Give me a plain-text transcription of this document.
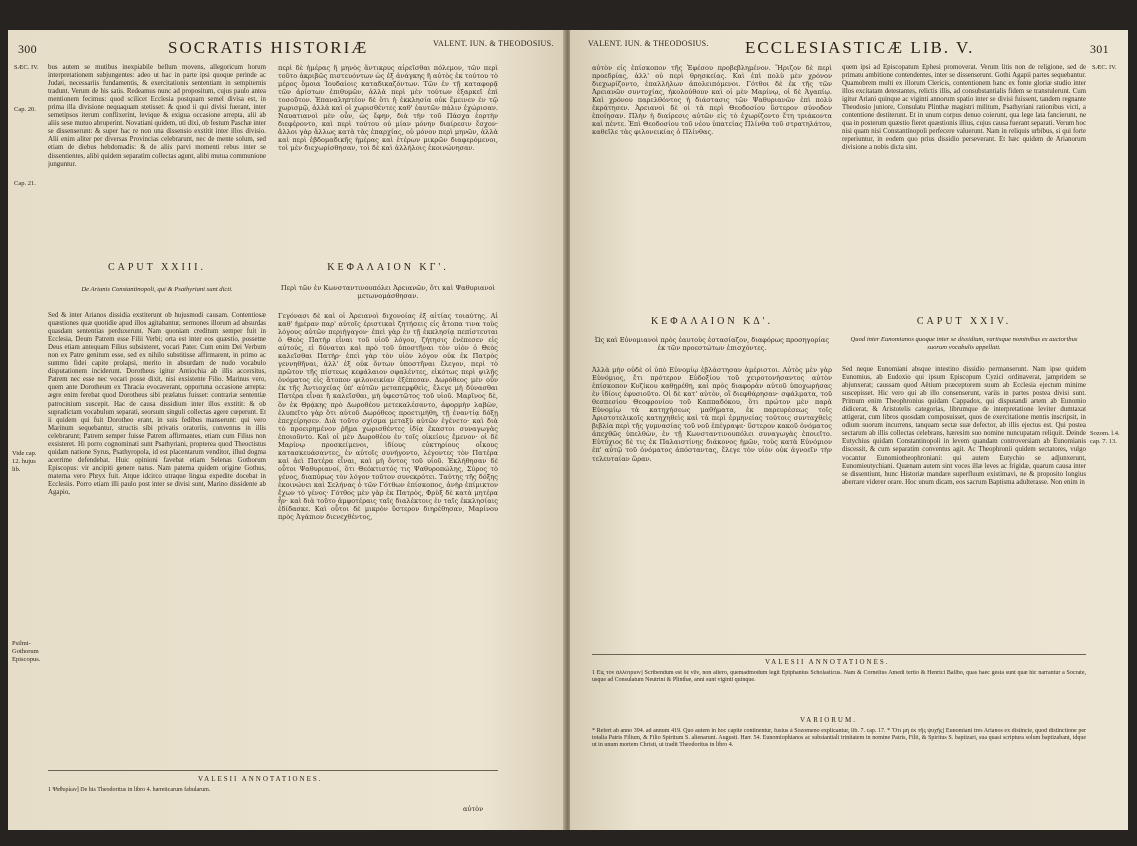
300	SOCRATIS HISTORIÆ	VALENT. IUN. & THEODOSIUS.
SÆC. IV.
Cap. 20.
Cap. 21.
Vide cap. 12. hujus lib.
Psilmi-Gothorum Episcopus.
bus autem se mutibus inexpiabile bellum movens, allegoricum horum interpretationem subjungentes: adeo ut hac in parte ipsi quoque perinde ac Judæi, necessariis fundamentis, & exercitationis sententiam in sempiternis tradunt. Verum de his satis. Redeamus nunc ad propositum, cujus paulo antea mentionem fecimus: quod scilicet Ecclesia postquam semel divisa est, in prima illa divisione nequaquam stetisset: & quod ii qui divisi fuerant, inter semetipsos iterum conflixerint, levique & exigua occasione arrepta, alii ab aliis sese mutuo abruperint. Novatiani quidem, uti dixi, ob festum Paschæ inter se dissenserunt: & super hac re non una dissensio exstitit inter illos divisio. Alii enim aliter per diversas Provincias celebrarunt, nec de mente solum, sed etiam de diebus hebdomadis: & de aliis parvi momenti rebus inter se dissentientes, alibi quidem separatim collectas agunt, alibi mutua communione junguntur.
περὶ δὲ ἡμέρας ἢ μηνὸς ἄντικρυς αἰρεῖσθαι πόλεμον, τῶν περὶ τοῦτο ἀκριβῶς πιστευόντων ὡς ἐξ ἀνάγκης ἢ αὐτὸς ἐκ τούτου τὸ μέρος ὅμοια Ἰουδαίοις καταδικαζόντων. Τῶν ἐν τῇ καταφορᾷ τῶν ἀρίστων ἐπιθυμῶν, ἀλλὰ περὶ μὲν τούτων ἐξαρκεῖ ἐπὶ τοσοῦτον. Ἐπαναληπτέον δὲ ὅτι ἡ ἐκκλησία οὐκ ἔμεινεν ἐν τῷ χωρισμῷ, ἀλλὰ καὶ οἱ χωρισθέντες καθ' ἑαυτῶν πάλιν ἐχώρισαν. Ναυατιανοὶ μὲν οὖν, ὡς ἔφην, διὰ τὴν τοῦ Πάσχα ἑορτὴν διεφέροντο, καὶ περὶ τούτου οὐ μίαν μόνην διαίρεσιν ἔσχον· ἄλλοι γὰρ ἄλλως κατὰ τὰς ἐπαρχίας, οὐ μόνον περὶ μηνῶν, ἀλλὰ καὶ περὶ ἑβδομαδικῆς ἡμέρας καὶ ἑτέρων μικρῶν διαφερόμενοι, τοὶ μὲν διεχωρίσθησαν, τοὶ δὲ καὶ ἀλλήλοις ἐκοινώνησαν.
CAPUT XXIII.	ΚΕΦΑΛΑΙΟΝ ΚΓ'.
De Arianis Constantinopoli, qui & Psathyriani sunt dicti.	Περὶ τῶν ἐν Κωνσταντινουπόλει Ἀρειανῶν, ὅτι καὶ Ψαθυριανοὶ μετωνομάσθησαν.
Sed & inter Arianos dissidia exstiterunt ob hujusmodi causam. Contentiosæ quæstiones quæ quotidie apud illos agitabantur, sermones illorum ad absurdas quasdam sententias perduxerunt. Nam quoniam creditum semper fuit in Ecclesia, Deum Patrem esse Filii Verbi; orta est inter eos quæstio, possetne Deus etiam antequam Filius subsisteret, vocari Pater. Cum enim Dei Verbum non ex Patre genitum esse, sed ex nihilo substitisse affirmarent, in primo ac summo fidei capite prolapsi, merito in absurdam de nudo vocabulo disputationem inciderunt. Dorotheus igitur Antiochia ab illis accersitus, Patrem nec esse nec vocari posse dixit, nisi exsistente Filio. Marinus vero, quem ante Dorotheum ex Thracia evocaverant, opportuna occasione arrepta: ægre enim ferebat quod Dorotheus sibi prælatus fuisset: contrariæ sententiæ patrocinium suscepit. Hac de causa dissidium inter illos exstitit: & ob supradictam vocabulum separati, seorsum singuli collectas agere cœperunt. Et ii quidem qui fuit Dorotheo erant, in suis fedibus manserunt: qui vero Marinum sequebantur, structis sibi privatis oratoriis, conventus in illis celebrarunt; Patrem semper fuisse Patrem affirmantes, etiam cum Filius non exsisteret. Hi porro cognominati sunt Psathyriani, propterea quod Theoctistus quidam natione Syrus, Psathyropola, id est placentarum venditor, illud dogma acerrime defendebat. Huic opinioni favebat etiam Selenas Gothorum Episcopus: vir ancipiti genere natus. Nam paterna quidem origine Gothus, materna vero Phryx fuit. Atque idcirco utraque lingua expedite docebat in Ecclesiis. Porro etiam illi paulo post inter se divisi sunt, Marino dissidente ab Agapio,
Γεγόνασι δὲ καὶ οἱ Ἀρειανοὶ διχονοίας ἐξ αἰτίας τοιαύτης. Αἱ καθ' ἡμέραν παρ' αὐτοῖς ἐριστικαὶ ζητήσεις εἰς ἄτοπα τινα τοὺς λόγους αὐτῶν περιήγαγον· ἐπεὶ γὰρ ἐν τῇ ἐκκλησίᾳ πεπίστευται ὁ Θεὸς Πατὴρ εἶναι τοῦ υἱοῦ λόγου, ζήτησις ἐνέπεσεν εἰς αὐτούς, εἰ δύναται καὶ πρὸ τοῦ ὑποστῆναι τὸν υἱὸν ὁ Θεὸς καλεῖσθαι Πατήρ· ἐπεὶ γὰρ τὸν υἱὸν λόγον οὐκ ἐκ Πατρὸς γεννηθῆναι, ἀλλ' ἐξ οὐκ ὄντων ὑποστῆναι ἔλεγον, περὶ τὸ πρῶτον τῆς πίστεως κεφάλαιον σφαλέντες, εἰκότως περὶ ψιλῆς ὀνόματος εἰς ἄτοπον φιλονεικίαν ἐξέπεσαν. Δωρόθεος μὲν οὖν ἐκ τῆς Ἀντιοχείας ὑπ' αὐτῶν μεταπεμφθεὶς, ἔλεγε μὴ δύνασθαι Πατέρα εἶναι ἢ καλεῖσθαι, μὴ ὑφεστῶτος τοῦ υἱοῦ. Μαρῖνος δὲ, ὃν ἐκ Θρᾴκης πρὸ Δωροθέου μετεκαλέσαντο, ἀφορμὴν λαβὼν, ἐλυπεῖτο γὰρ ὅτι αὐτοῦ Δωρόθεος προετιμήθη, τῇ ἐναντίᾳ δόξῃ ἐπεχείρησεν. Διὰ τοῦτο σχίσμα μεταξὺ αὐτῶν ἐγένετο· καὶ διὰ τὸ προειρημένον ῥῆμα χωρισθέντες ἰδίᾳ ἕκαστοι συναγωγὰς ἐποιοῦντο. Καὶ οἱ μὲν Δωροθέου ἐν τοῖς οἰκείοις ἔμενον· οἱ δὲ Μαρίνῳ προσκείμενοι, ἰδίους εὐκτηρίους οἴκους κατασκευάσαντες, ἐν αὐτοῖς συνήγοντο, λέγοντες τὸν Πατέρα καὶ ἀεὶ Πατέρα εἶναι, καὶ μὴ ὄντος τοῦ υἱοῦ. Ἐκλήθησαν δὲ οὗτοι Ψαθυριανοί, ὅτι Θεόκτιστός τις Ψαθυροπώλης, Σύρος τὸ γένος, διαπύρως τὸν λόγον τοῦτον συνεκρότει. Ταύτης τῆς δόξης ἐκοινώνει καὶ Σελήνας ὁ τῶν Γότθων ἐπίσκοπος, ἀνὴρ ἐπίμικτον ἔχων τὸ γένος· Γότθος μὲν γὰρ ἐκ Πατρὸς, Φρὺξ δὲ κατὰ μητέρα ἦν· καὶ διὰ τοῦτο ἀμφοτέραις ταῖς διαλέκτοις ἐν ταῖς ἐκκλησίαις ἐδίδασκε. Καὶ οὗτοι δὲ μικρὸν ὕστερον διηρέθησαν, Μαρίνου πρὸς Ἀγάπιον διενεχθέντος,
VALESII ANNOTATIONES.
1 Ψαθυρίων] De his Theodoritus in libro 4. hæreticarum fabularum.
αὐτὸν
VALENT. IUN. & THEODOSIUS.	ECCLESIASTICÆ LIB. V.	301
SÆC. IV.
Sozom. l.4. cap. 7. 13.
αὐτὸν εἰς ἐπίσκοπον τῆς Ἐφέσου προβεβλημένον. Ἤριζον δὲ περὶ προεδρίας, ἀλλ' οὐ περὶ θρησκείας. Καὶ ἐπὶ πολὺ μὲν χρόνον διεχωρίζοντο, ἐπαλλήλων ἀπολειπόμενοι. Γότθοι δὲ ἐκ τῆς τῶν Ἀρειανῶν συντυχίας, ἠκολούθουν καὶ οἱ μὲν Μαρίνῳ, οἱ δὲ Ἀγαπίῳ. Καὶ χρόνου παρελθόντος ἡ διάστασις τῶν Ψαθυριανῶν ἐπὶ πολὺ ἐκράτησεν. Ἀρειανοὶ δὲ οἱ τὰ περὶ Θεοδοσίου ὕστερον σύνοδον ἐποίησαν. Πλὴν ἡ διαίρεσις αὐτῶν εἰς τὸ ἐχωρίζοντο ἔτη τριάκοντα καὶ πέντε. Ἐπὶ Θεοδοσίου τοῦ νέου ὑπατείας Πλίνθα τοῦ στρατηλάτου, καθεῖλε τὰς φιλονεικίας ὁ Πλίνθας.
quem ipsi ad Episcopatum Ephesi promoverat. Verum litis non de religione, sed de primatu ambitione contendentes, inter se dissenserunt. Gothi Agapii partes sequebantur. Quamobrem multi ex illorum Clericis, contentionem hanc ex fonte gloriæ studio inter illos excitatam detestantes, relictis illis, ad consubstantialis fidem se transtulerunt. Cum igitur Ariani quinque ac viginti annorum spatio inter se divisi fuissent, tandem regnante Theodosio juniore, Consulatu Plinthæ magistri militum, Psathyriani rationibus victi, a contentione destiterunt. Et in unum corpus denuo coierunt, qua lege lata fancierunt, ne qua in posterum quæstio fieret quæstionis illius, cujus causa fuerant separati. Verum hoc nisi quam nisi Constantinopoli perfecere valuerunt. Nam in reliquis urbibus, si qui forte reperiuntur, in eodem quo prius dissidio perseverant. Et hæc quidem de Arianorum divisione a nobis dicta sint.
ΚΕΦΑΛΑΙΟΝ ΚΔ'.	CAPUT XXIV.
Ὡς καὶ Εὐνομιανοὶ πρὸς ἑαυτοὺς ἐστασίαζον, διαφόρως προσηγορίας ἐκ τῶν προεστώτων ἐπισχόντες.
Quod inter Eunomianos quoque inter se dissidium, variisque nominibus ex auctoribus suorum vocabulis appellati.
Ἀλλὰ μὴν οὐδὲ οἱ ὑπὸ Εὐνομίῳ ἐβλάστησαν ἀμέριστοι. Αὐτὸς μὲν γὰρ Εὐνόμιος, ἔτι πρότερον Εὐδοξίου τοῦ χειροτονήσαντος αὐτὸν ἐπίσκοπον Κυζίκου καθῃρέθη, καὶ πρὸς διαφορὰν αὐτοῦ ὑποχωρήσας ἐν ἰδίοις ἐφυσιοῦτο. Οἱ δὲ κατ' αὐτὸν, οἳ διεφθάρησαν· σφάλματα, τοῦ θεσπεσίου Θεοφρονίου τοῦ Καππαδόκου, ὅτι πρώτον μὲν παρὰ Εὐνομίῳ τὰ κατηχήσεως μαθήματα, ἐκ παρευρέσεως τοῖς Ἀριστοτελικοῖς κατηχηθεὶς καὶ τὰ περὶ ἑρμηνείας τούτοις συνταχθεὶς βιβλία περὶ τῆς γυμνασίας τοῦ νοῦ ἐπέγραψε· ὕστερον κακοῦ ὀνόματος ἀπεχθῶς ὑπελθὼν, ἐν τῇ Κωνσταντινουπόλει συναγωγὰς ἐποιεῖτο. Εὐτύχιος δὲ τις ἐκ Παλαιστίνης διάκονος ἡμῶν, τοὺς κατὰ Εὐνόμιον ἐπ' αὐτῷ τοῦ ὀνόματος ἀπόσταντας, ἔλεγε τὸν υἱὸν οὐκ ἀγνοεῖν τὴν τελευταίαν ὥραν.
Sed neque Eunomiani absque intestino dissidio permanserunt. Nam ipse quidem Eunomius, ab Eudoxio qui ipsum Episcopum Cyzici ordinaverat, jampridem se abjunxerat; caussam quod Aëtium præceptorem suum ab Ecclesia ejectum minime suscepisset. Hic vero qui ab illo consenserunt, variis in partes postea divisi sunt. Primum enim Theophronius quidam Cappadox, qui disputandi artem ab Eunomio didicerat, & Aristotelis categorias, librumque de interpretatione leviter dumtaxat attigerat, cum libros quosdam composuisset, quos de exercitatione mentis inscripsit, in odium suorum incurrens, tanquam sectæ suæ defector, ab illis ejectus est. Qui postea sectarum ab illis collectas celebrans, hæresim suo nomine nuncupatam reliquit. Deinde Eutychius quidam Constantinopoli in levem quandam controversiam ab Eunomianis discessit, & cum separatim conventus agit. Ac Theophronii quidem sectatores, vulgo vocantur Eunomiotheophroniani: qui autem Eutychio se adjunxerunt, Eunomieutychiani. Quænam autem sint voces illæ leves ac frigidæ, quarum causa inter se dissentiunt, hunc Historiæ mandare superfluum existimavi, ne & proposito longius aberrare viderer orare. Hoc unum dicam, eos sacrum Baptisma adulterasse. Non enim in
VALESII ANNOTATIONES.
1 Εἰς τὸν ἀλλότριον] Scribendum est δὲ νῦν, non altero, quemadmodum legit Epiphanius Scholasticus. Nam & Cornelius Amedi tertio & Henrici Ballbo, quas haec gesta sunt quæ hic narrantur a Socrate, usque ad Consulatum Neutrini & Plinthæ, anni sunt viginti quinque.
VARIORUM.
* Refert ab anno 394. ad annum 419. Quo autem in hoc capite continentur, fusius à Sozomeno explicantur, lib. 7. cap. 17. * Ὅτι μὴ ἐκ τῆς ψυχῆς] Eunomiani tres Arianos ex distincte, quod distinctione per totalia Patris Filium, & Filio Spiritum S. alienarunt. Augusti. Hær. 54. Eunomiophianos ac substantiali trinitatem in nomine Patris, Filii, & Spiritus S. baptizari, sua quasi scriptura solum baptizabant, idque ut in unum mortem Christi, ut tradit Theodoritus in libro 4.
